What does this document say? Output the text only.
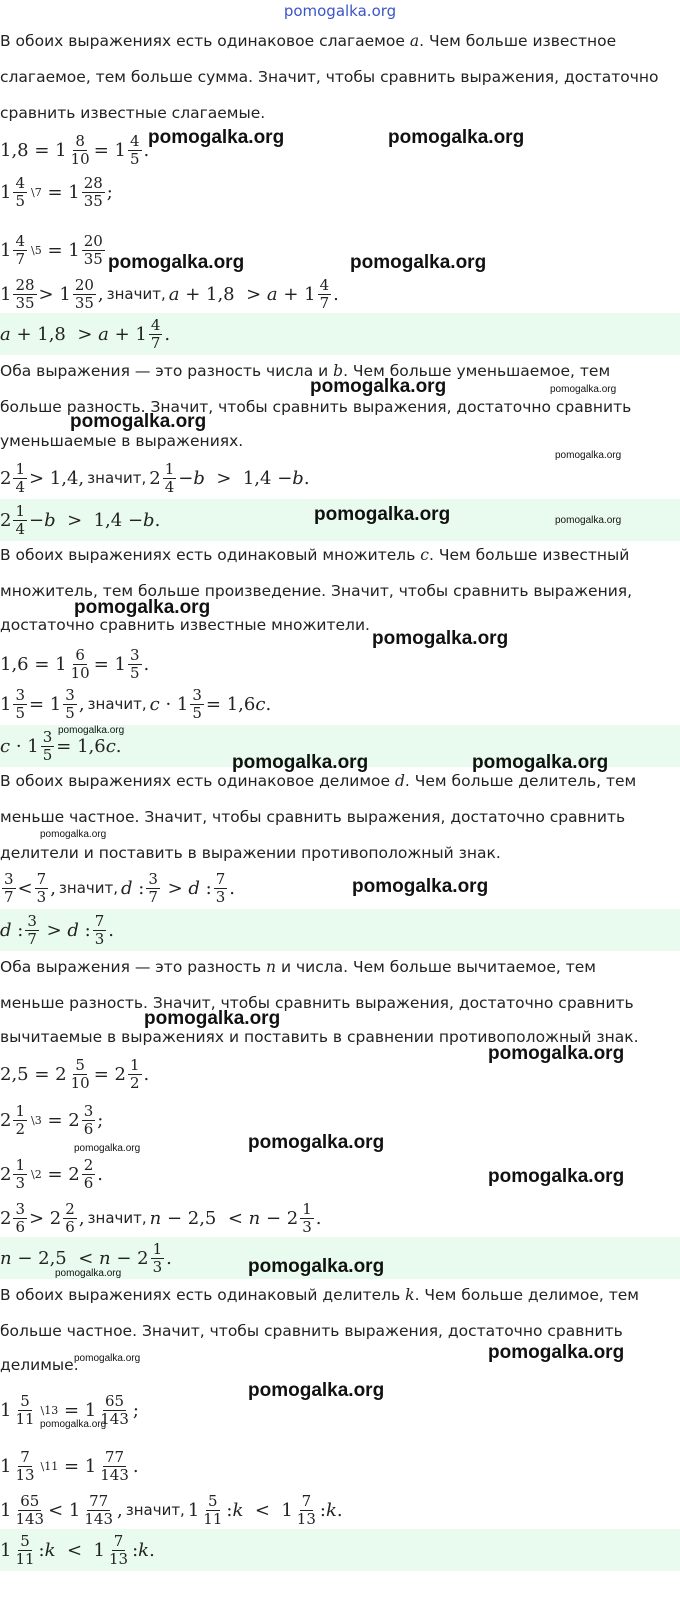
pomogalka.org
В обоих выражениях есть одинаковое слагаемое a. Чем больше известное
слагаемое, тем больше сумма. Значит, чтобы сравнить выражения, достаточно
сравнить известные слагаемые.
$1,8 = 1 \frac{8}{10} = 1 \frac{4}{5}$ .
$1 \frac{4}{5}$ \7 = $1 \frac{28}{35}$ ;
$1 \frac{4}{7}$ \5 = $1 \frac{20}{35}$
$1 \frac{28}{35} > 1 \frac{20}{35}$ , значит, $a + 1,8 > a + 1 \frac{4}{7}$ .
$a + 1,8 > a + 1 \frac{4}{7}$ .
Оба выражения — это разность числа и b. Чем больше уменьшаемое, тем
больше разность. Значит, чтобы сравнить выражения, достаточно сравнить
уменьшаемые в выражениях.
$2 \frac{1}{4} > 1,4$, значит, $2 \frac{1}{4} - b > 1,4 - b$ .
$2 \frac{1}{4} - b > 1,4 - b$ .
В обоих выражениях есть одинаковый множитель c. Чем больше известный
множитель, тем больше произведение. Значит, чтобы сравнить выражения,
достаточно сравнить известные множители.
$1,6 = 1 \frac{6}{10} = 1 \frac{3}{5}$ .
$1 \frac{3}{5} = 1 \frac{3}{5}$ , значит, $c \cdot 1 \frac{3}{5} = 1,6$ c .
$c \cdot 1 \frac{3}{5} = 1,6$ c .
В обоих выражениях есть одинаковое делимое d. Чем больше делитель, тем
меньше частное. Значит, чтобы сравнить выражения, достаточно сравнить
делители и поставить в выражении противоположный знак.
$\frac{3}{7} < \frac{7}{3}$ , значит, d : $\frac{3}{7} > d$ : $\frac{7}{3}$ .
d : $\frac{3}{7} > d$ : $\frac{7}{3}$ .
Оба выражения — это разность n и числа. Чем больше вычитаемое, тем
меньше разность. Значит, чтобы сравнить выражения, достаточно сравнить
вычитаемые в выражениях и поставить в сравнении противоположный знак.
$2,5 = 2 \frac{5}{10} = 2 \frac{1}{2}$ .
$2 \frac{1}{2}$ \3 = $2 \frac{3}{6}$ ;
$2 \frac{1}{3}$ \2 = $2 \frac{2}{6}$ .
$2 \frac{3}{6} > 2 \frac{2}{6}$ , значит, $n - 2,5 < n - 2 \frac{1}{3}$ .
$n - 2,5 < n - 2 \frac{1}{3}$ .
В обоих выражениях есть одинаковый делитель k. Чем больше делимое, тем
больше частное. Значит, чтобы сравнить выражения, достаточно сравнить
делимые.
$1 \frac{5}{11}$ \13 = $1 \frac{65}{143}$ ;
$1 \frac{7}{13}$ \11 = $1 \frac{77}{143}$ .
$1 \frac{65}{143} < 1 \frac{77}{143}$ , значит, $1 \frac{5}{11}$ : $k < 1 \frac{7}{13}$ : k .
$1 \frac{5}{11}$ : $k < 1 \frac{7}{13}$ : k .
pomogalka.org	pomogalka.org
pomogalka.org	pomogalka.org
pomogalka.org	pomogalka.org
pomogalka.org
pomogalka.org
pomogalka.org	pomogalka.org
pomogalka.org
pomogalka.org
pomogalka.org
pomogalka.org	pomogalka.org
pomogalka.org
pomogalka.org
pomogalka.org
pomogalka.org
pomogalka.org
pomogalka.org
pomogalka.org
pomogalka.org
pomogalka.org
pomogalka.org
pomogalka.org
pomogalka.org
pomogalka.org
